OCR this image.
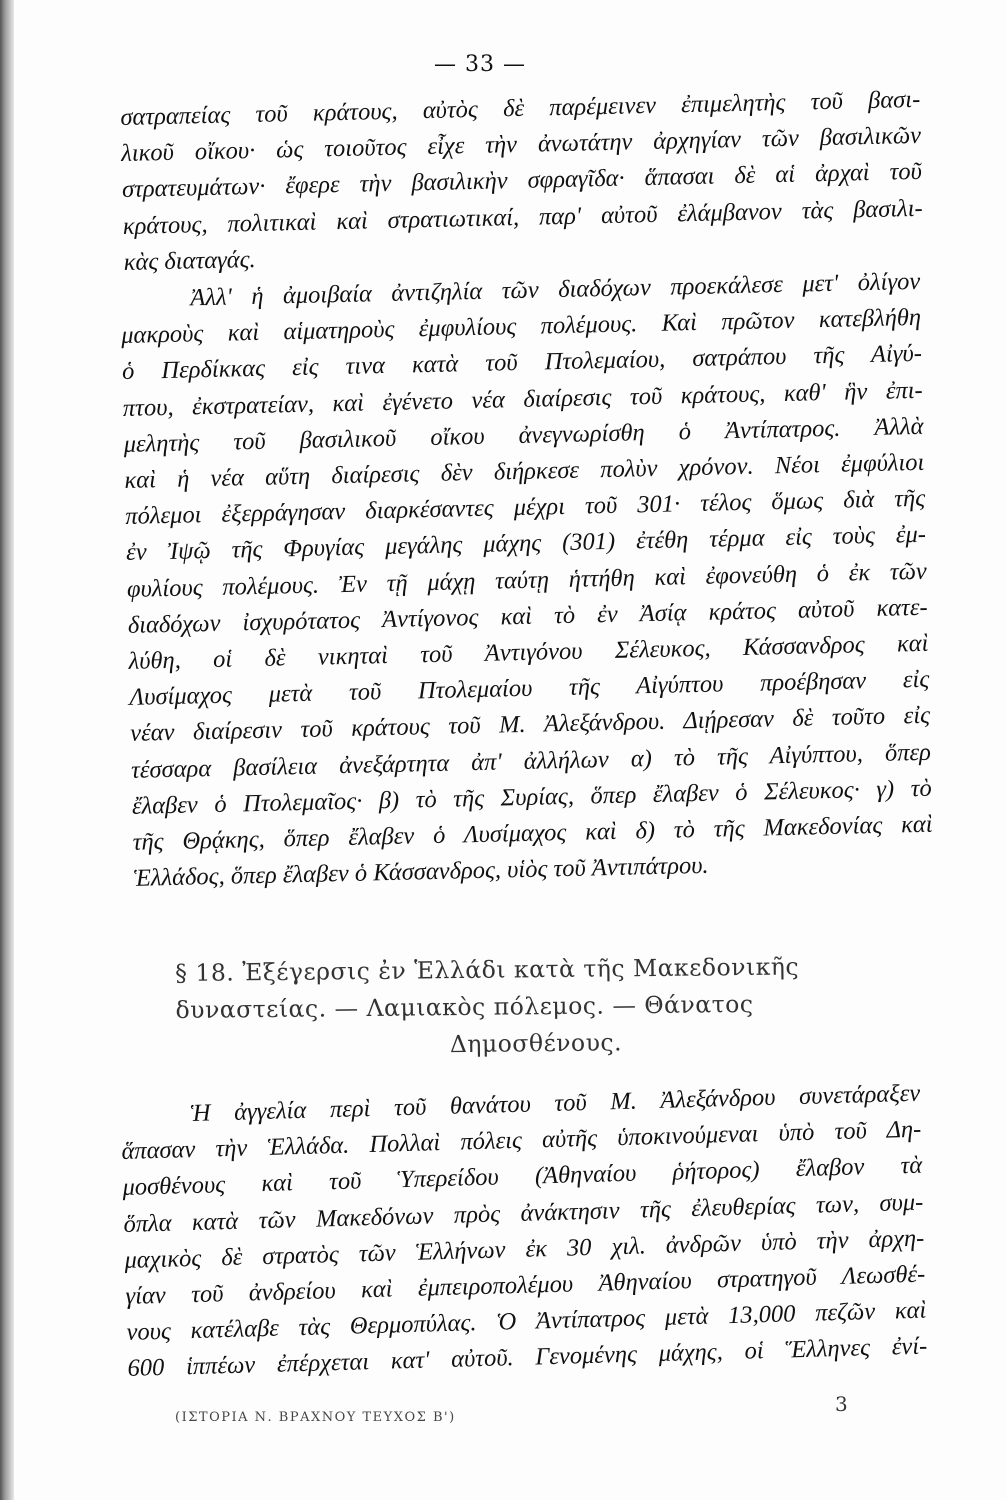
— 33 —

σατραπείας τοῦ κράτους, αὐτὸς δὲ παρέμεινεν ἐπιμελητὴς τοῦ βασι-
λικοῦ οἴκου· ὡς τοιοῦτος εἶχε τὴν ἀνωτάτην ἀρχηγίαν τῶν βασιλικῶν
στρατευμάτων· ἔφερε τὴν βασιλικὴν σφραγῖδα· ἅπασαι δὲ αἱ ἀρχαὶ τοῦ
κράτους, πολιτικαὶ καὶ στρατιωτικαί, παρ' αὐτοῦ ἐλάμβανον τὰς βασιλι-
κὰς διαταγάς.

Ἀλλ' ἡ ἀμοιβαία ἀντιζηλία τῶν διαδόχων προεκάλεσε μετ' ὀλίγον
μακροὺς καὶ αἱματηροὺς ἐμφυλίους πολέμους. Καὶ πρῶτον κατεβλήθη
ὁ Περδίκκας εἰς τινα κατὰ τοῦ Πτολεμαίου, σατράπου τῆς Αἰγύ-
πτου, ἐκστρατείαν, καὶ ἐγένετο νέα διαίρεσις τοῦ κράτους, καθ' ἣν ἐπι-
μελητὴς τοῦ βασιλικοῦ οἴκου ἀνεγνωρίσθη ὁ Ἀντίπατρος. Ἀλλὰ
καὶ ἡ νέα αὕτη διαίρεσις δὲν διήρκεσε πολὺν χρόνον. Νέοι ἐμφύλιοι
πόλεμοι ἐξερράγησαν διαρκέσαντες μέχρι τοῦ 301· τέλος ὅμως διὰ τῆς
ἐν Ἰψῷ τῆς Φρυγίας μεγάλης μάχης (301) ἐτέθη τέρμα εἰς τοὺς ἐμ-
φυλίους πολέμους. Ἐν τῇ μάχῃ ταύτῃ ἡττήθη καὶ ἐφονεύθη ὁ ἐκ τῶν
διαδόχων ἰσχυρότατος Ἀντίγονος καὶ τὸ ἐν Ἀσίᾳ κράτος αὐτοῦ κατε-
λύθη, οἱ δὲ νικηταὶ τοῦ Ἀντιγόνου Σέλευκος, Κάσσανδρος καὶ
Λυσίμαχος μετὰ τοῦ Πτολεμαίου τῆς Αἰγύπτου προέβησαν εἰς
νέαν διαίρεσιν τοῦ κράτους τοῦ Μ. Ἀλεξάνδρου. Διῄρεσαν δὲ τοῦτο εἰς
τέσσαρα βασίλεια ἀνεξάρτητα ἀπ' ἀλλήλων α) τὸ τῆς Αἰγύπτου, ὅπερ
ἔλαβεν ὁ Πτολεμαῖος· β) τὸ τῆς Συρίας, ὅπερ ἔλαβεν ὁ Σέλευκος· γ) τὸ
τῆς Θρᾴκης, ὅπερ ἔλαβεν ὁ Λυσίμαχος καὶ δ) τὸ τῆς Μακεδονίας καὶ
Ἑλλάδος, ὅπερ ἔλαβεν ὁ Κάσσανδρος, υἱὸς τοῦ Ἀντιπάτρου.

§ 18. Ἐξέγερσις ἐν Ἑλλάδι κατὰ τῆς Μακεδονικῆς
δυναστείας. — Λαμιακὸς πόλεμος. — Θάνατος
Δημοσθένους.

Ἡ ἀγγελία περὶ τοῦ θανάτου τοῦ Μ. Ἀλεξάνδρου συνετάραξεν
ἅπασαν τὴν Ἑλλάδα. Πολλαὶ πόλεις αὐτῆς ὑποκινούμεναι ὑπὸ τοῦ Δη-
μοσθένους καὶ τοῦ Ὑπερείδου (Ἀθηναίου ῥήτορος) ἔλαβον τὰ
ὅπλα κατὰ τῶν Μακεδόνων πρὸς ἀνάκτησιν τῆς ἐλευθερίας των, συμ-
μαχικὸς δὲ στρατὸς τῶν Ἑλλήνων ἐκ 30 χιλ. ἀνδρῶν ὑπὸ τὴν ἀρχη-
γίαν τοῦ ἀνδρείου καὶ ἐμπειροπολέμου Ἀθηναίου στρατηγοῦ Λεωσθέ-
νους κατέλαβε τὰς Θερμοπύλας. Ὁ Ἀντίπατρος μετὰ 13,000 πεζῶν καὶ
600 ἱππέων ἐπέρχεται κατ' αὐτοῦ. Γενομένης μάχης, οἱ Ἕλληνες ἐνί-

(ΙΣΤΟΡΙΑ Ν. ΒΡΑΧΝΟΥ ΤΕΥΧΟΣ Β')
3
